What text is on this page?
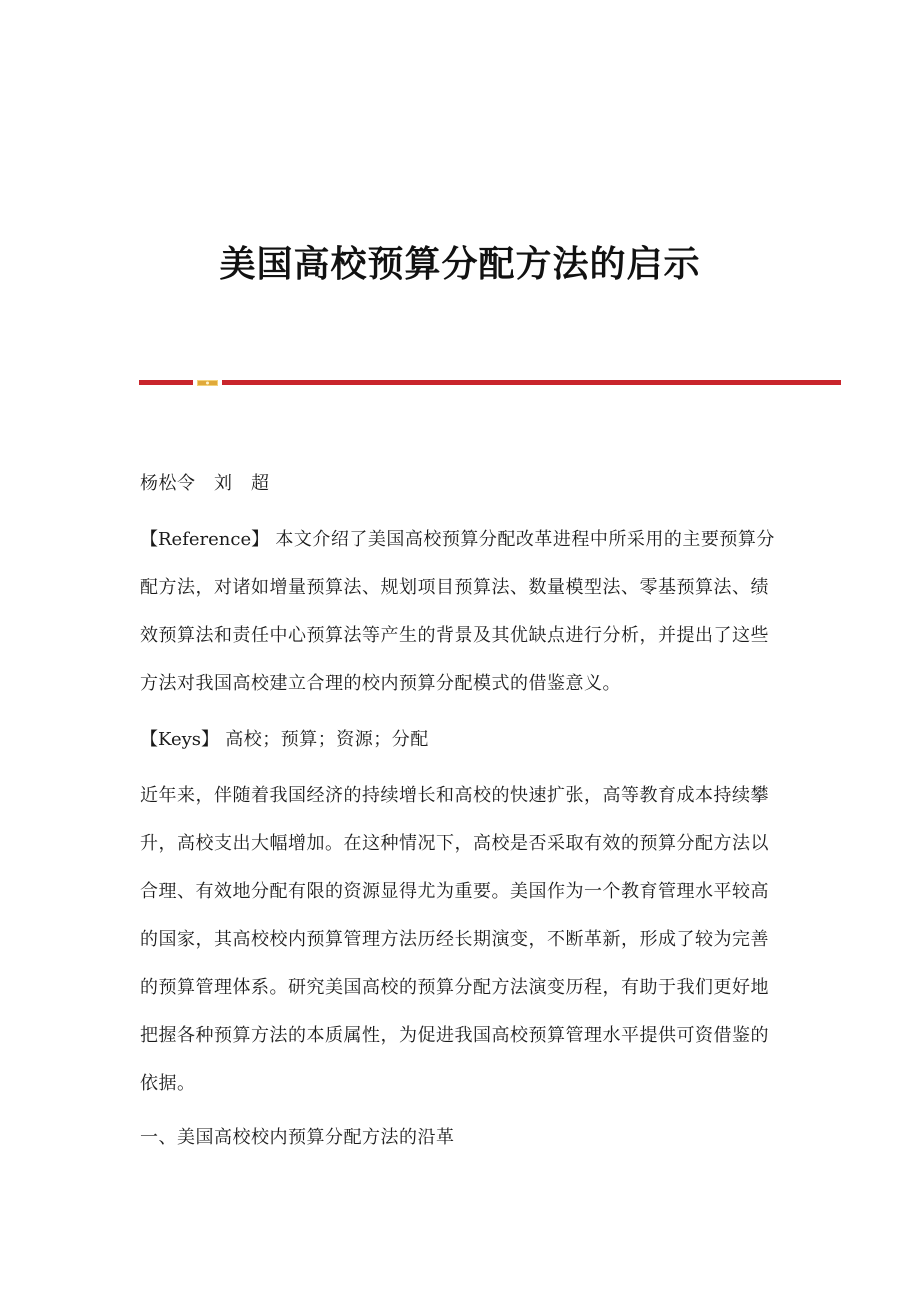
美国高校预算分配方法的启示

杨松令　刘　超

【Reference】 本文介绍了美国高校预算分配改革进程中所采用的主要预算分配方法，对诸如增量预算法、规划项目预算法、数量模型法、零基预算法、绩效预算法和责任中心预算法等产生的背景及其优缺点进行分析，并提出了这些方法对我国高校建立合理的校内预算分配模式的借鉴意义。

【Keys】 高校；预算；资源；分配

近年来，伴随着我国经济的持续增长和高校的快速扩张，高等教育成本持续攀升，高校支出大幅增加。在这种情况下，高校是否采取有效的预算分配方法以合理、有效地分配有限的资源显得尤为重要。美国作为一个教育管理水平较高的国家，其高校校内预算管理方法历经长期演变，不断革新，形成了较为完善的预算管理体系。研究美国高校的预算分配方法演变历程，有助于我们更好地把握各种预算方法的本质属性，为促进我国高校预算管理水平提供可资借鉴的依据。

一、美国高校校内预算分配方法的沿革
